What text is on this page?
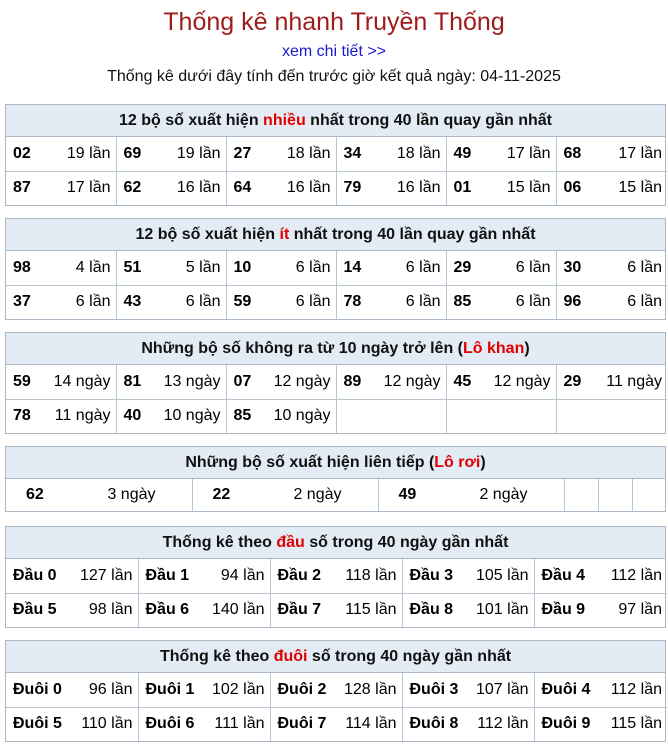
Thống kê nhanh Truyền Thống
xem chi tiết >>
Thống kê dưới đây tính đến trước giờ kết quả ngày: 04-11-2025
12 bộ số xuất hiện nhiều nhất trong 40 lần quay gần nhất
02 19 lần	69 19 lần	27 18 lần	34 18 lần	49 17 lần	68 17 lần

87 17 lần	62 16 lần	64 16 lần	79 16 lần	01 15 lần	06 15 lần
12 bộ số xuất hiện ít nhất trong 40 lần quay gần nhất
98 4 lần	51 5 lần	10 6 lần	14 6 lần	29 6 lần	30 6 lần

37 6 lần	43 6 lần	59 6 lần	78 6 lần	85 6 lần	96 6 lần
Những bộ số không ra từ 10 ngày trở lên (Lô khan)
59 14 ngày	81 13 ngày	07 12 ngày	89 12 ngày	45 12 ngày	29 11 ngày

78 11 ngày	40 10 ngày	85 10 ngày			

Những bộ số xuất hiện liên tiếp (Lô rơi)
62	3 ngày	22	2 ngày	49	2 ngày

Thống kê theo đầu số trong 40 ngày gần nhất
Đầu 0 127 lần	Đầu 1 94 lần	Đầu 2 118 lần	Đầu 3 105 lần	Đầu 4 112 lần

Đầu 5 98 lần	Đầu 6 140 lần	Đầu 7 115 lần	Đầu 8 101 lần	Đầu 9 97 lần
Thống kê theo đuôi số trong 40 ngày gần nhất
Đuôi 0 96 lần	Đuôi 1 102 lần	Đuôi 2 128 lần	Đuôi 3 107 lần	Đuôi 4 112 lần

Đuôi 5 110 lần	Đuôi 6 111 lần	Đuôi 7 114 lần	Đuôi 8 112 lần	Đuôi 9 115 lần
